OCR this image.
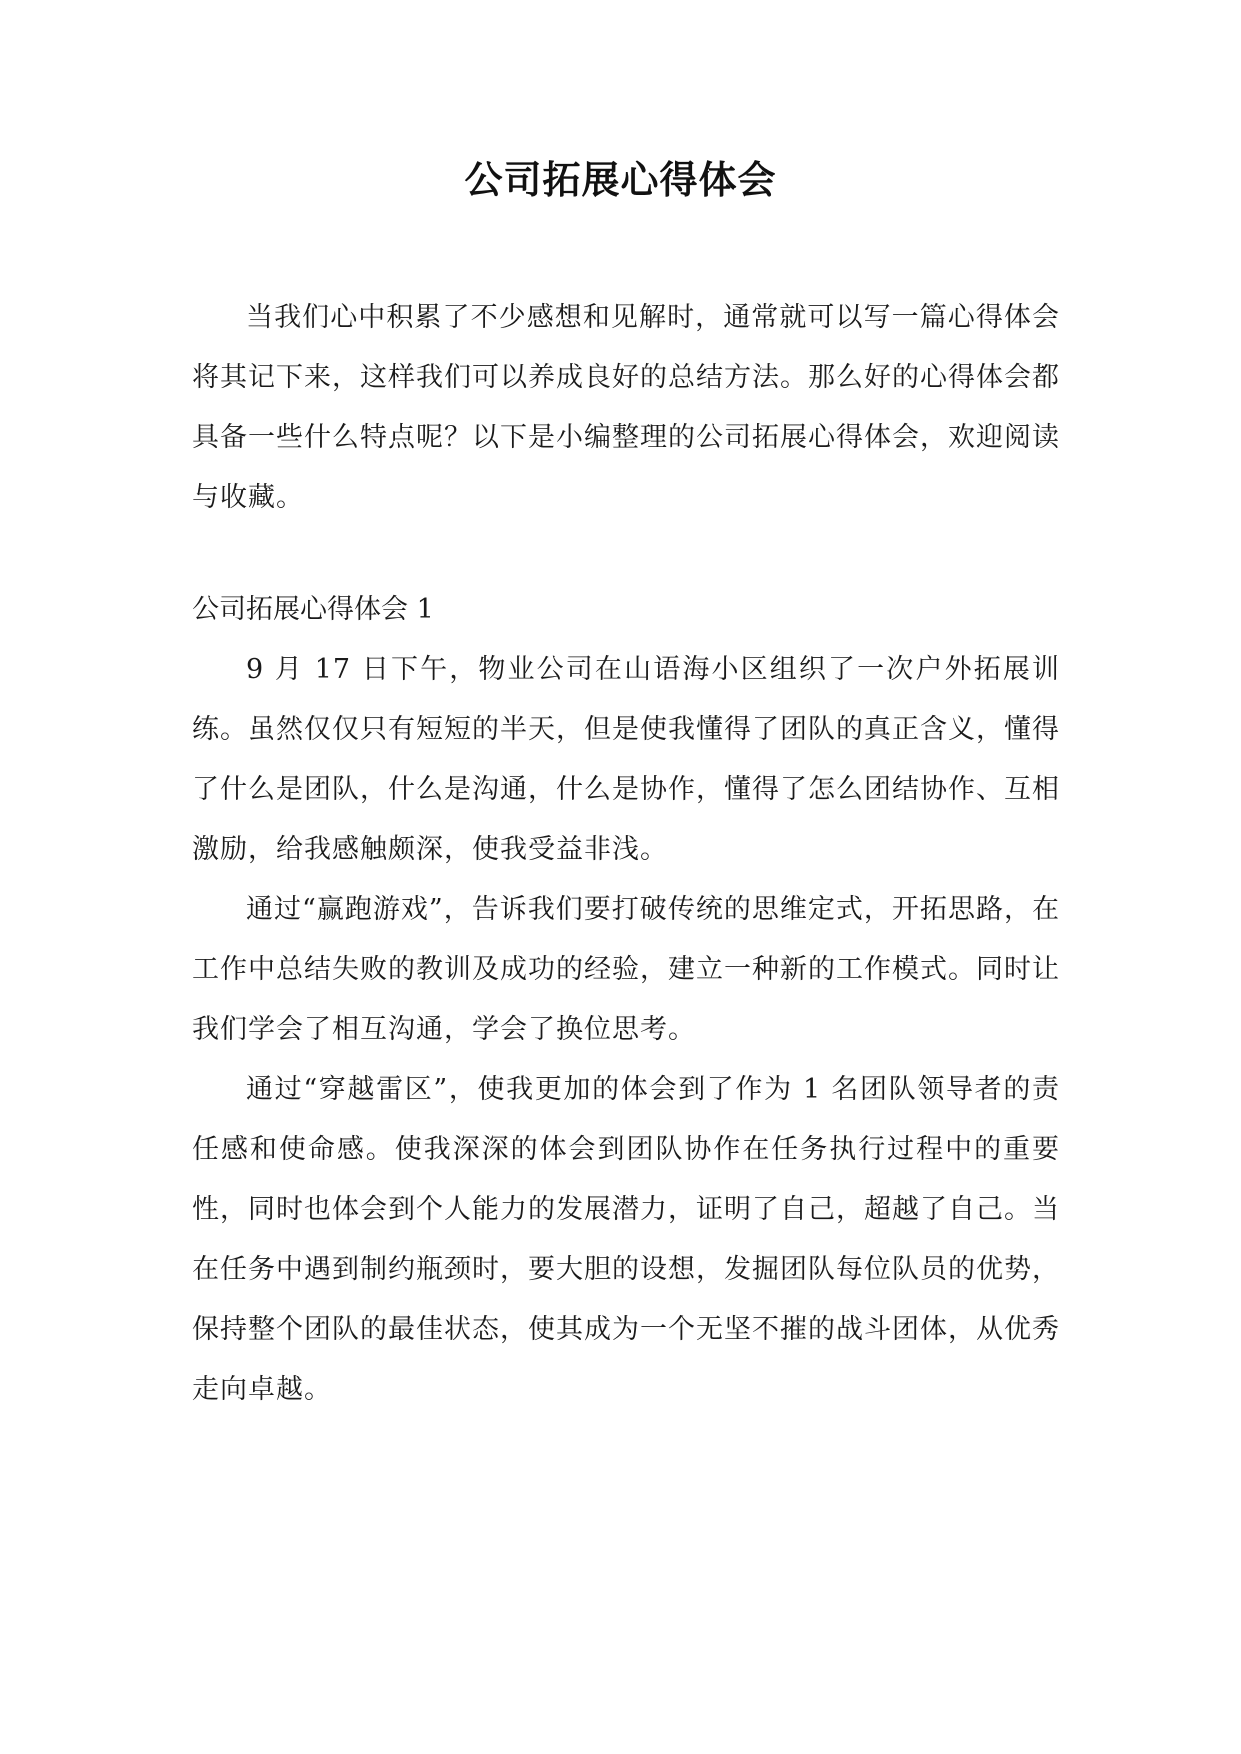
公司拓展心得体会

当我们心中积累了不少感想和见解时，通常就可以写一篇心得体会将其记下来，这样我们可以养成良好的总结方法。那么好的心得体会都具备一些什么特点呢？以下是小编整理的公司拓展心得体会，欢迎阅读与收藏。

公司拓展心得体会 1

9 月 17 日下午，物业公司在山语海小区组织了一次户外拓展训练。虽然仅仅只有短短的半天，但是使我懂得了团队的真正含义，懂得了什么是团队，什么是沟通，什么是协作，懂得了怎么团结协作、互相激励，给我感触颇深，使我受益非浅。

通过“赢跑游戏”，告诉我们要打破传统的思维定式，开拓思路，在工作中总结失败的教训及成功的经验，建立一种新的工作模式。同时让我们学会了相互沟通，学会了换位思考。

通过“穿越雷区”，使我更加的体会到了作为 1 名团队领导者的责任感和使命感。使我深深的体会到团队协作在任务执行过程中的重要性，同时也体会到个人能力的发展潜力，证明了自己，超越了自己。当在任务中遇到制约瓶颈时，要大胆的设想，发掘团队每位队员的优势，保持整个团队的最佳状态，使其成为一个无坚不摧的战斗团体，从优秀走向卓越。
